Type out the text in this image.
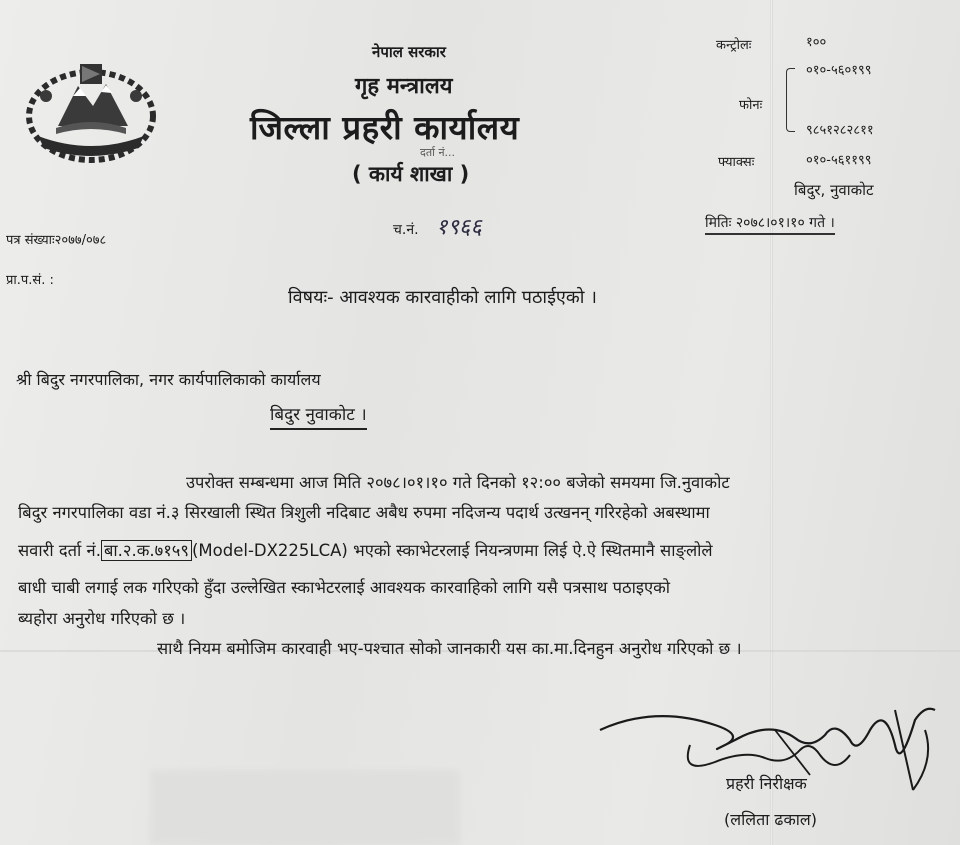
नेपाल सरकार
गृह मन्त्रालय
जिल्ला प्रहरी कार्यालय
दर्ता नं...
( कार्य शाखा )
कन्ट्रोलः	१००
फोनः
०१०-५६०१९९
९८५१२८२८११
फ्याक्सः	०१०-५६११९९
बिदुर, नुवाकोट
मितिः २०७८।०१।१० गते ।
पत्र संख्याः२०७७/०७८
च.नं. १९६६
प्रा.प.सं. :
विषयः- आवश्यक कारवाहीको लागि पठाईएको ।
श्री बिदुर नगरपालिका, नगर कार्यपालिकाको कार्यालय
बिदुर नुवाकोट ।
उपरोक्त सम्बन्धमा आज मिति २०७८।०१।१० गते दिनको १२:०० बजेको समयमा जि.नुवाकोट
बिदुर नगरपालिका वडा नं.३ सिरखाली स्थित त्रिशुली नदिबाट अबैध रुपमा नदिजन्य पदार्थ उत्खनन् गरिरहेको अबस्थामा
सवारी दर्ता नं. बा.२.क.७१५९ (Model-DX225LCA) भएको स्काभेटरलाई नियन्त्रणमा लिई ऐ.ऐ स्थितमानै साङ्लोले
बाधी चाबी लगाई लक गरिएको हुँदा उल्लेखित स्काभेटरलाई आवश्यक कारवाहिको लागि यसै पत्रसाथ पठाइएको
ब्यहोरा अनुरोध गरिएको छ ।
साथै नियम बमोजिम कारवाही भए-पश्चात सोको जानकारी यस का.मा.दिनहुन अनुरोध गरिएको छ ।
प्रहरी निरीक्षक
(ललिता ढकाल)
